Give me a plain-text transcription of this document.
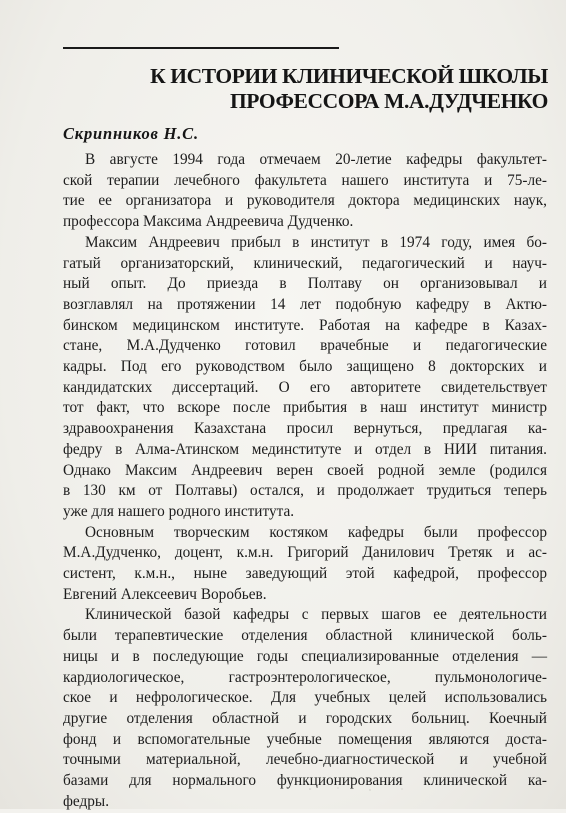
К ИСТОРИИ КЛИНИЧЕСКОЙ ШКОЛЫ
ПРОФЕССОРА М.А.ДУДЧЕНКО
Скрипников Н.С.
В августе 1994 года отмечаем 20-летие кафедры факультет-
ской терапии лечебного факультета нашего института и 75-ле-
тие ее организатора и руководителя доктора медицинских наук,
профессора Максима Андреевича Дудченко.
Максим Андреевич прибыл в институт в 1974 году, имея бо-
гатый организаторский, клинический, педагогический и науч-
ный опыт. До приезда в Полтаву он организовывал и
возглавлял на протяжении 14 лет подобную кафедру в Актю-
бинском медицинском институте. Работая на кафедре в Казах-
стане, М.А.Дудченко готовил врачебные и педагогические
кадры. Под его руководством было защищено 8 докторских и
кандидатских диссертаций. О его авторитете свидетельствует
тот факт, что вскоре после прибытия в наш институт министр
здравоохранения Казахстана просил вернуться, предлагая ка-
федру в Алма-Атинском мединституте и отдел в НИИ питания.
Однако Максим Андреевич верен своей родной земле (родился
в 130 км от Полтавы) остался, и продолжает трудиться теперь
уже для нашего родного института.
Основным творческим костяком кафедры были профессор
М.А.Дудченко, доцент, к.м.н. Григорий Данилович Третяк и ас-
систент, к.м.н., ныне заведующий этой кафедрой, профессор
Евгений Алексеевич Воробьев.
Клинической базой кафедры с первых шагов ее деятельности
были терапевтические отделения областной клинической боль-
ницы и в последующие годы специализированные отделения —
кардиологическое, гастроэнтерологическое, пульмонологиче-
ское и нефрологическое. Для учебных целей использовались
другие отделения областной и городских больниц. Коечный
фонд и вспомогательные учебные помещения являются доста-
точными материальной, лечебно-диагностической и учебной
базами для нормального функционирования клинической ка-
федры.
